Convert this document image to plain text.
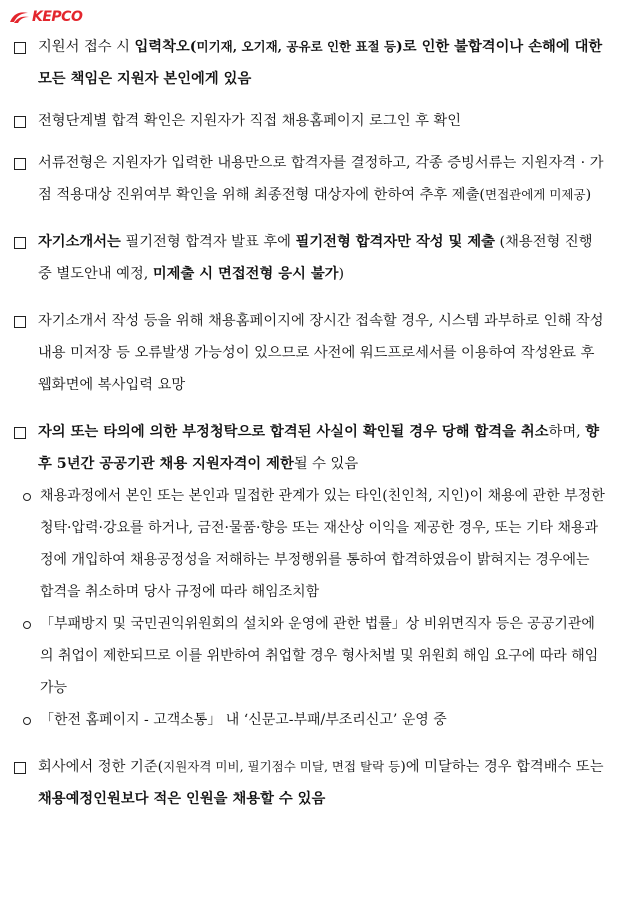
KEPCO
지원서 접수 시 입력착오(미기재, 오기재, 공유로 인한 표절 등)로 인한 불합격이나 손해에 대한 모든 책임은 지원자 본인에게 있음
전형단계별 합격 확인은 지원자가 직접 채용홈페이지 로그인 후 확인
서류전형은 지원자가 입력한 내용만으로 합격자를 결정하고, 각종 증빙서류는 지원자격 · 가점 적용대상 진위여부 확인을 위해 최종전형 대상자에 한하여 추후 제출(면접관에게 미제공)
자기소개서는 필기전형 합격자 발표 후에 필기전형 합격자만 작성 및 제출 (채용전형 진행 중 별도안내 예정, 미제출 시 면접전형 응시 불가)
자기소개서 작성 등을 위해 채용홈페이지에 장시간 접속할 경우, 시스템 과부하로 인해 작성내용 미저장 등 오류발생 가능성이 있으므로 사전에 워드프로세서를 이용하여 작성완료 후 웹화면에 복사입력 요망
자의 또는 타의에 의한 부정청탁으로 합격된 사실이 확인될 경우 당해 합격을 취소하며, 향후 5년간 공공기관 채용 지원자격이 제한될 수 있음
채용과정에서 본인 또는 본인과 밀접한 관계가 있는 타인(친인척, 지인)이 채용에 관한 부정한 청탁·압력·강요를 하거나, 금전·물품·향응 또는 재산상 이익을 제공한 경우, 또는 기타 채용과정에 개입하여 채용공정성을 저해하는 부정행위를 통하여 합격하였음이 밝혀지는 경우에는 합격을 취소하며 당사 규정에 따라 해임조치함
「부패방지 및 국민권익위원회의 설치와 운영에 관한 법률」상 비위면직자 등은 공공기관에의 취업이 제한되므로 이를 위반하여 취업할 경우 형사처벌 및 위원회 해임 요구에 따라 해임 가능
「한전 홈페이지 - 고객소통」 내 ‘신문고-부패/부조리신고’ 운영 중
회사에서 정한 기준(지원자격 미비, 필기점수 미달, 면접 탈락 등)에 미달하는 경우 합격배수 또는 채용예정인원보다 적은 인원을 채용할 수 있음
